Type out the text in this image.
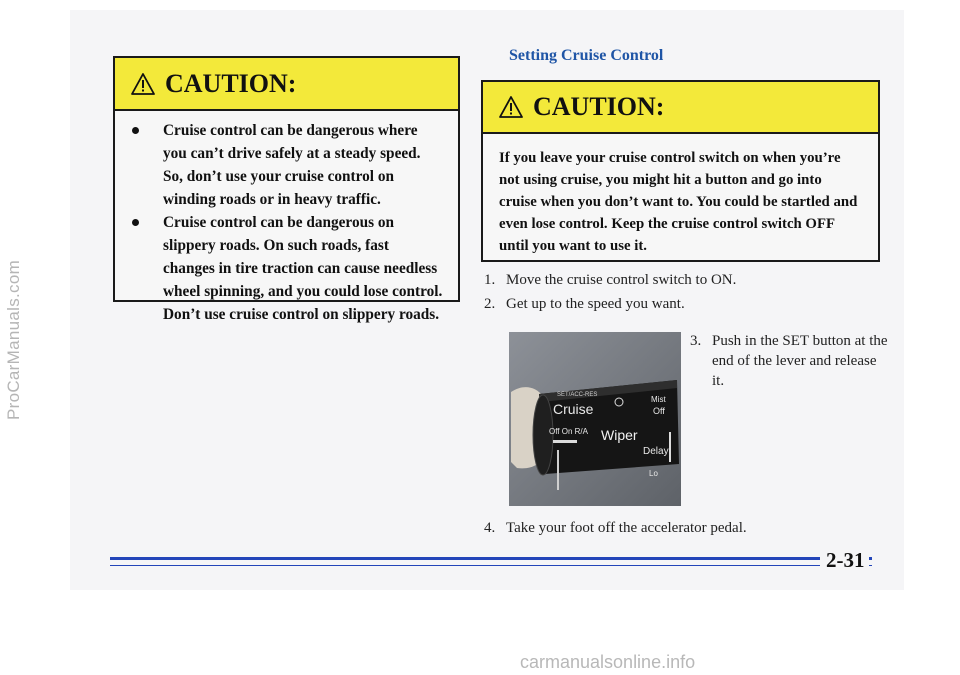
ProCarManuals.com
CAUTION:
Cruise control can be dangerous where you can’t drive safely at a steady speed. So, don’t use your cruise control on winding roads or in heavy traffic.
Cruise control can be dangerous on slippery roads. On such roads, fast changes in tire traction can cause needless wheel spinning, and you could lose control. Don’t use cruise control on slippery roads.
Setting Cruise Control
CAUTION:
If you leave your cruise control switch on when you’re not using cruise, you might hit a button and go into cruise when you don’t want to. You could be startled and even lose control. Keep the cruise control switch OFF until you want to use it.
1. Move the cruise control switch to ON.
2. Get up to the speed you want.
3. Push in the SET button at the end of the lever and release it.
4. Take your foot off the accelerator pedal.
SET/ACC-RES
Cruise
Off On R/A Wiper
Mist
Off
Delay
Lo
2-31
carmanualsonline.info
